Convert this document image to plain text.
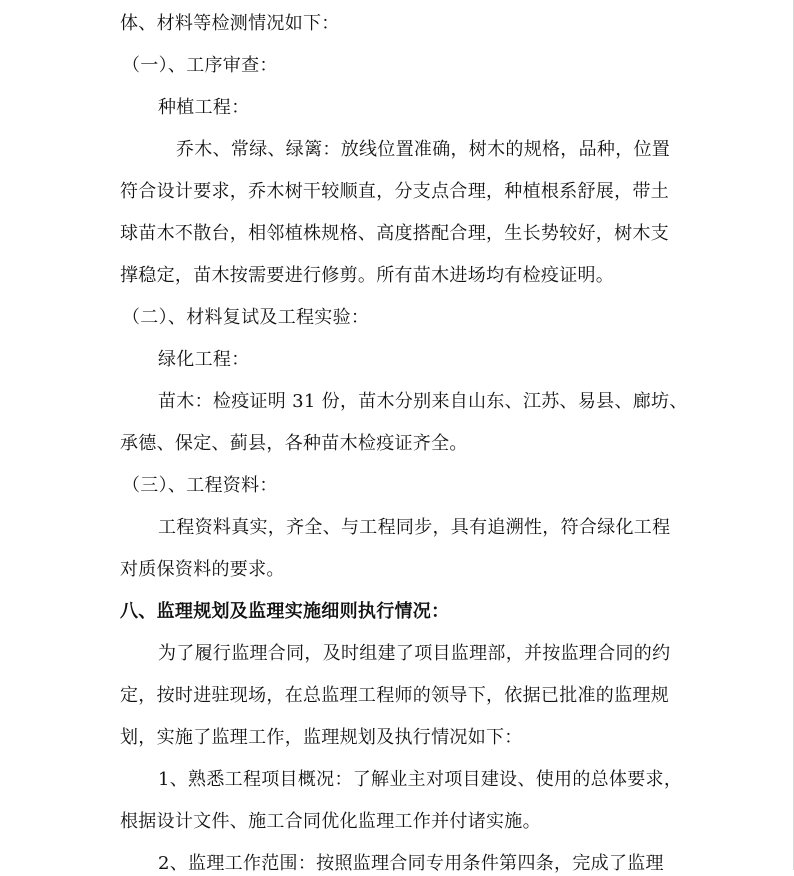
体、材料等检测情况如下：
（一）、工序审查：
种植工程：
乔木、常绿、绿篱：放线位置准确，树木的规格，品种，位置
符合设计要求，乔木树干较顺直，分支点合理，种植根系舒展，带土
球苗木不散台，相邻植株规格、高度搭配合理，生长势较好，树木支
撑稳定，苗木按需要进行修剪。所有苗木进场均有检疫证明。
（二）、材料复试及工程实验：
绿化工程：
苗木：检疫证明 31 份，苗木分别来自山东、江苏、易县、廊坊、
承德、保定、蓟县，各种苗木检疫证齐全。
（三）、工程资料：
工程资料真实，齐全、与工程同步，具有追溯性，符合绿化工程
对质保资料的要求。
八、监理规划及监理实施细则执行情况：
为了履行监理合同，及时组建了项目监理部，并按监理合同的约
定，按时进驻现场，在总监理工程师的领导下，依据已批准的监理规
划，实施了监理工作，监理规划及执行情况如下：
1、熟悉工程项目概况：了解业主对项目建设、使用的总体要求，
根据设计文件、施工合同优化监理工作并付诸实施。
2、监理工作范围：按照监理合同专用条件第四条，完成了监理
